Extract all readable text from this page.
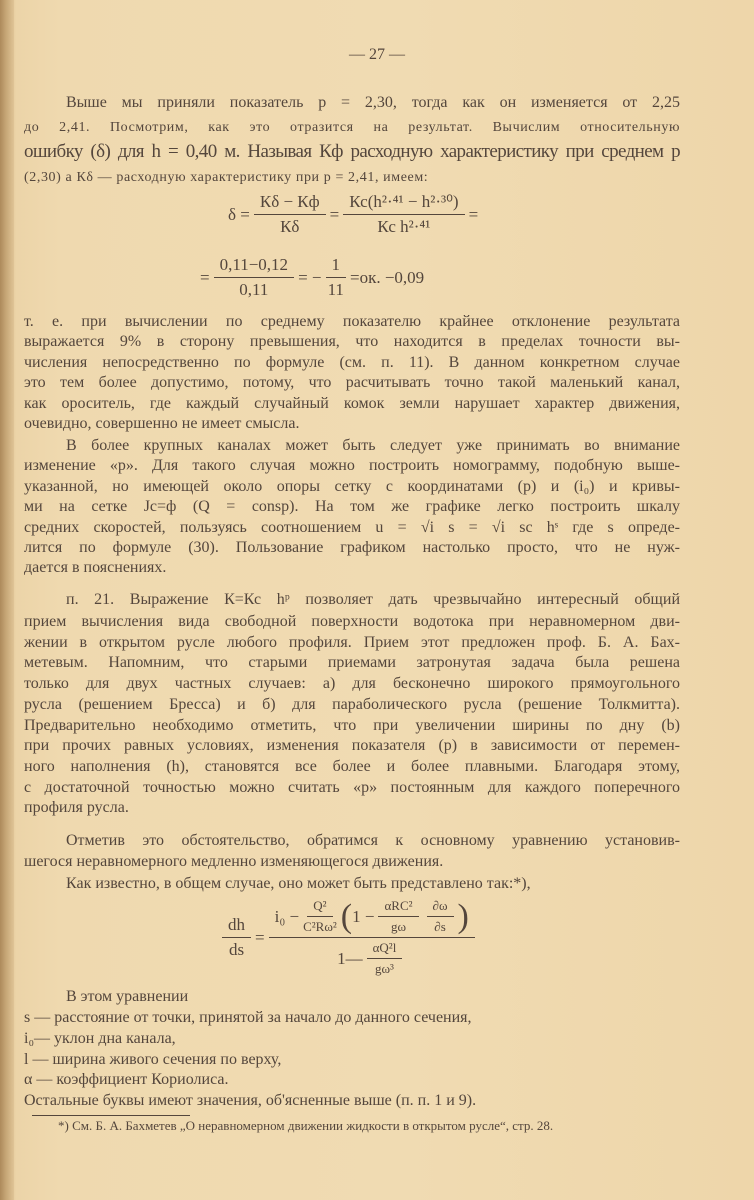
— 27 —
Выше мы приняли показатель р = 2,30, тогда как он изменяется от 2,25
до 2,41. Посмотрим, как это отразится на результат. Вычислим относительную
ошибку (δ) для h = 0,40 м. Называя Кф расходную характеристику при среднем р
(2,30) а Кδ — расходную характеристику при р = 2,41, имеем:
δ =
Кδ − Кф
Кδ
=
Кс(h²·⁴¹ − h²·³⁰)
Кс h²·⁴¹
=
= $\frac{0,11-0,12}{0,11}$ = − $\frac{1}{11} =ок$. −0,09
т. е. при вычислении по среднему показателю крайнее отклонение результата
выражается 9% в сторону превышения, что находится в пределах точности вы-
числения непосредственно по формуле (см. п. 11). В данном конкретном случае
это тем более допустимо, потому, что расчитывать точно такой маленький канал,
как ороситель, где каждый случайный комок земли нарушает характер движения,
очевидно, совершенно не имеет смысла.
В более крупных каналах может быть следует уже принимать во внимание
изменение «р». Для такого случая можно построить номограмму, подобную выше-
указанной, но имеющей около опоры сетку с координатами (р) и (i₀) и кривы-
ми на сетке Jс=ф (Q = consp). На том же графике легко построить шкалу
средних скоростей, пользуясь соотношением u = √i s = √i sс hˢ где s опреде-
лится по формуле (30). Пользование графиком настолько просто, что не нуж-
дается в пояснениях.
п. 21. Выражение К=Кс hᵖ позволяет дать чрезвычайно интересный общий
прием вычисления вида свободной поверхности водотока при неравномерном дви-
жении в открытом русле любого профиля. Прием этот предложен проф. Б. А. Бах-
метевым. Напомним, что старыми приемами затронутая задача была решена
только для двух частных случаев: а) для бесконечно широкого прямоугольного
русла (решением Бресса) и б) для параболического русла (решение Толкмитта).
Предварительно необходимо отметить, что при увеличении ширины по дну (b)
при прочих равных условиях, изменения показателя (р) в зависимости от перемен-
ного наполнения (h), становятся все более и более плавными. Благодаря этому,
с достаточной точностью можно считать «р» постоянным для каждого поперечного
профиля русла.
Отметив это обстоятельство, обратимся к основному уравнению установив-
шегося неравномерного медленно изменяющегося движения.
Как известно, в общем случае, оно может быть представлено так:*),
$\frac{dh}{ds}$ =
$i_0 - \frac{\text{Q²}}{\text{C²Rω²}}$ ( 1 −
αRC²
gω $\frac{\partial\omega}{\partial s}$ )
1— $\frac{\text{αQ²l}}{\text{gω³}}$
В этом уравнении
s — расстояние от точки, принятой за начало до данного сечения,
i₀— уклон дна канала,
l — ширина живого сечения по верху,
α — коэффициент Кориолиса.
Остальные буквы имеют значения, об'ясненные выше (п. п. 1 и 9).
*) См. Б. А. Бахметев „О неравномерном движении жидкости в открытом русле“, стр. 28.
